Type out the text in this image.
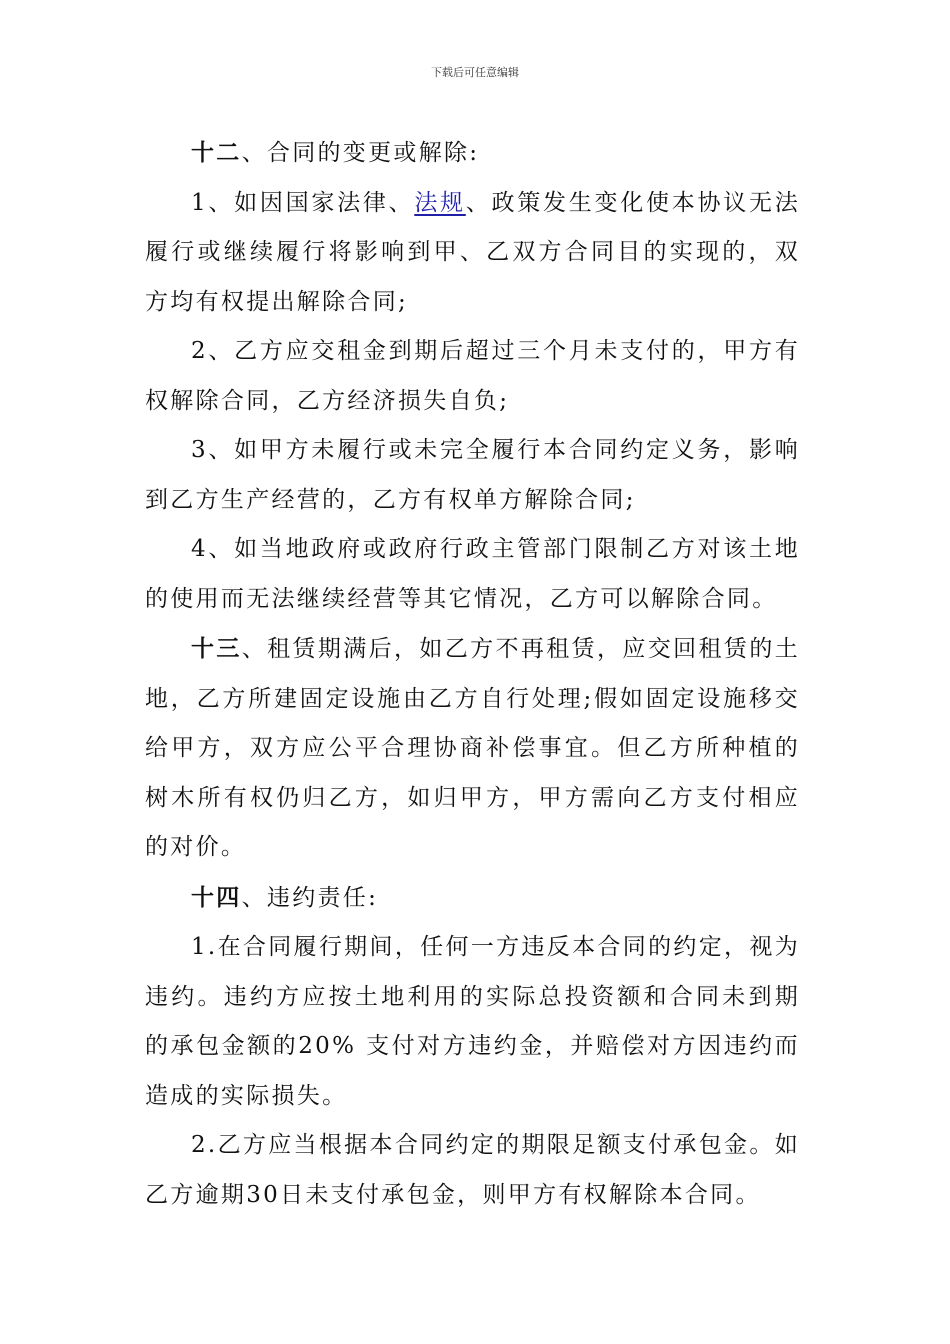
下载后可任意编辑

十二、合同的变更或解除:

1、如因国家法律、法规、政策发生变化使本协议无法履行或继续履行将影响到甲、乙双方合同目的实现的，双方均有权提出解除合同;

2、乙方应交租金到期后超过三个月未支付的，甲方有权解除合同，乙方经济损失自负;

3、如甲方未履行或未完全履行本合同约定义务，影响到乙方生产经营的，乙方有权单方解除合同;

4、如当地政府或政府行政主管部门限制乙方对该土地的使用而无法继续经营等其它情况，乙方可以解除合同。

十三、租赁期满后，如乙方不再租赁，应交回租赁的土地，乙方所建固定设施由乙方自行处理;假如固定设施移交给甲方，双方应公平合理协商补偿事宜。但乙方所种植的树木所有权仍归乙方，如归甲方，甲方需向乙方支付相应的对价。

十四、违约责任:

1.在合同履行期间，任何一方违反本合同的约定，视为违约。违约方应按土地利用的实际总投资额和合同未到期的承包金额的20% 支付对方违约金，并赔偿对方因违约而造成的实际损失。

2.乙方应当根据本合同约定的期限足额支付承包金。如乙方逾期30日未支付承包金，则甲方有权解除本合同。
